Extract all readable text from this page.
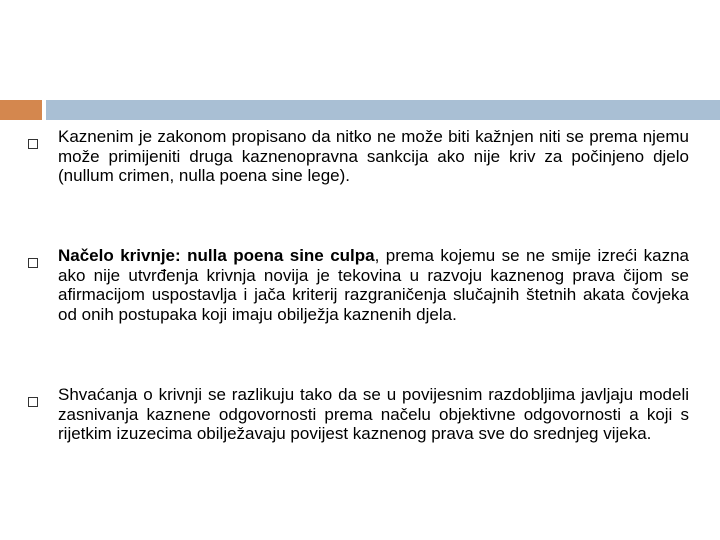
Kaznenim je zakonom propisano da nitko ne može biti kažnjen niti se prema njemu može primijeniti druga kaznenopravna sankcija ako nije kriv za počinjeno djelo (nullum crimen, nulla poena sine lege).

Načelo krivnje: nulla poena sine culpa, prema kojemu se ne smije izreći kazna ako nije utvrđenja krivnja novija je tekovina u razvoju kaznenog prava čijom se afirmacijom uspostavlja i jača kriterij razgraničenja slučajnih štetnih akata čovjeka od onih postupaka koji imaju obilježja kaznenih djela.

Shvaćanja o krivnji se razlikuju tako da se u povijesnim razdobljima javljaju modeli zasnivanja kaznene odgovornosti prema načelu objektivne odgovornosti a koji s rijetkim izuzecima obilježavaju povijest kaznenog prava sve do srednjeg vijeka.
